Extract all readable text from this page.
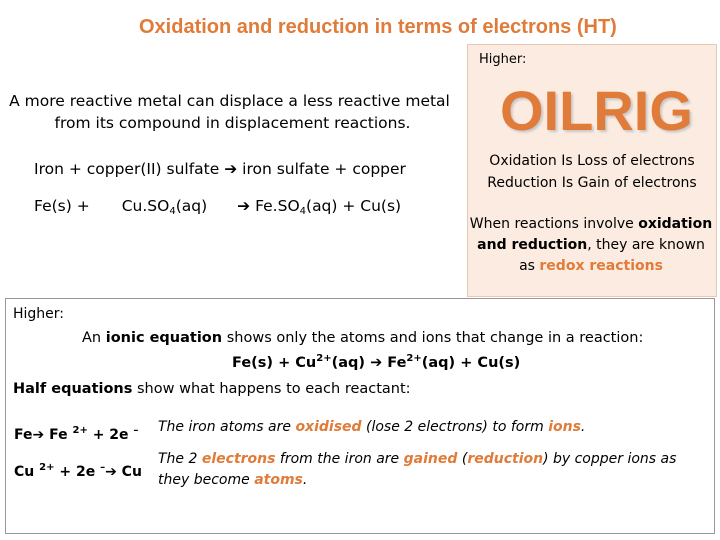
Oxidation and reduction in terms of electrons (HT)
Higher:
OILRIG
Oxidation Is Loss of electrons
Reduction Is Gain of electrons
When reactions involve oxidation and reduction, they are known as redox reactions
A more reactive metal can displace a less reactive metal
from its compound in displacement reactions.
Iron + copper(II) sulfate ➔ iron sulfate + copper
$Fe(s) + Cu.SO_4(aq)$ ➔ $Fe.SO_4(aq) + Cu(s)$
Higher:
An ionic equation shows only the atoms and ions that change in a reaction:
$Fe(s) + Cu^{2+}(aq)$ ➔ $Fe^{2+}(aq) + Cu(s)$
Half equations show what happens to each reactant:
Fe➔ Fe $^{2+}$ + 2e – The iron atoms are oxidised (lose 2 electrons) to form ions.
Cu $^{2+}$ + 2e –➔ Cu
The 2 electrons from the iron are gained (reduction) by copper ions as they become atoms.
